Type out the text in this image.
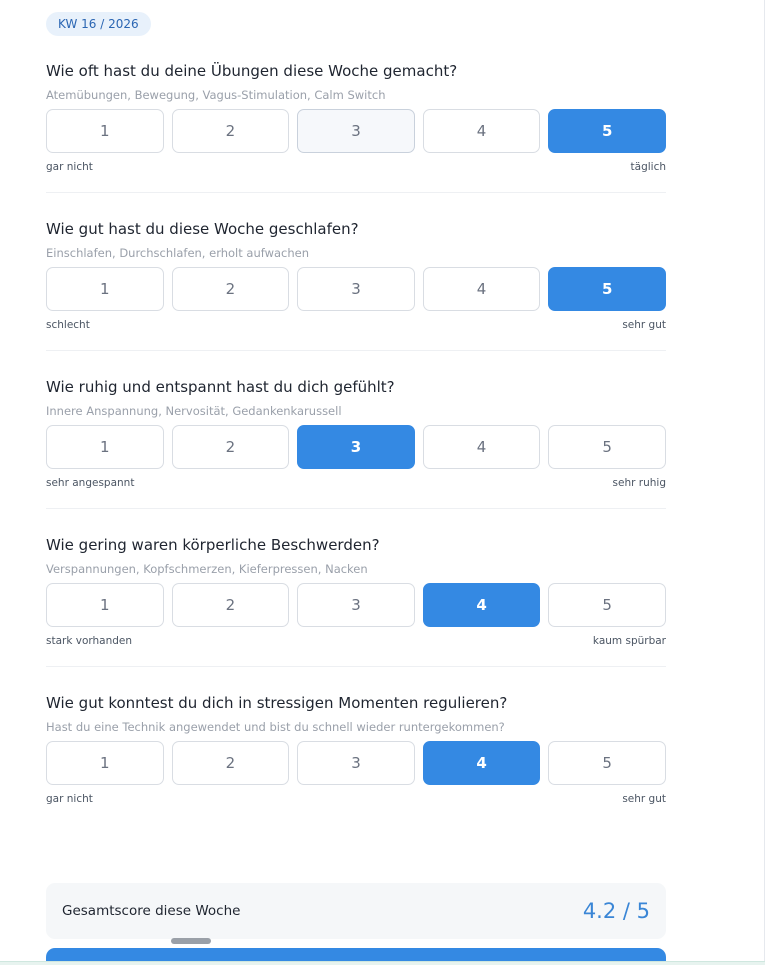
KW 16 / 2026
Wie oft hast du deine Übungen diese Woche gemacht?
Atemübungen, Bewegung, Vagus-Stimulation, Calm Switch
1	2	3	4	5
gar nicht	täglich
Wie gut hast du diese Woche geschlafen?
Einschlafen, Durchschlafen, erholt aufwachen
1	2	3	4	5
schlecht	sehr gut
Wie ruhig und entspannt hast du dich gefühlt?
Innere Anspannung, Nervosität, Gedankenkarussell
1	2	3	4	5
sehr angespannt	sehr ruhig
Wie gering waren körperliche Beschwerden?
Verspannungen, Kopfschmerzen, Kieferpressen, Nacken
1	2	3	4	5
stark vorhanden	kaum spürbar
Wie gut konntest du dich in stressigen Momenten regulieren?
Hast du eine Technik angewendet und bist du schnell wieder runtergekommen?
1	2	3	4	5
gar nicht	sehr gut
Gesamtscore diese Woche	4.2 / 5
